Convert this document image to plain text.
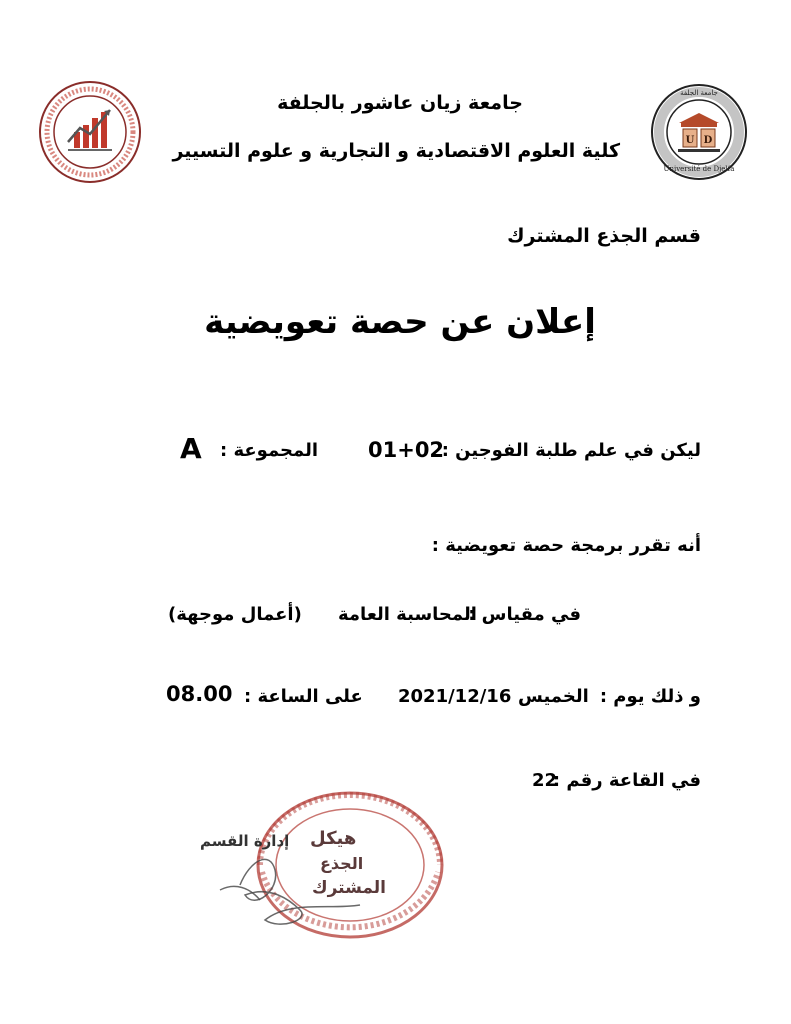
U D
Université de Djelfa
جامعة الجلفة
جامعة زيان عاشور بالجلفة
كلية العلوم الاقتصادية و التجارية و علوم التسيير
قسم الجذع المشترك
إعلان عن حصة تعويضية
ليكن في علم طلبة الفوجين :
01+02
المجموعة :
A
أنه تقرر برمجة حصة تعويضية :
في مقياس :
المحاسبة العامة
(أعمال موجهة)
و ذلك يوم :
الخميس
2021/12/16
على الساعة :
08.00
في القاعة رقم :
22
هيكل
الجذع
المشترك
إدارة القسم
